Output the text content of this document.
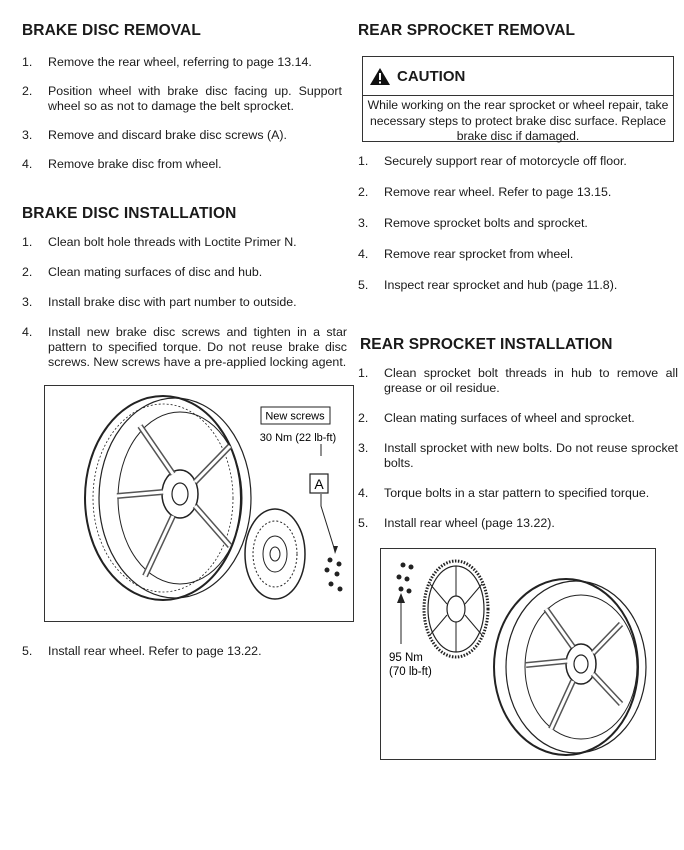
BRAKE DISC REMOVAL
1. Remove the rear wheel, referring to page 13.14.
2. Position wheel with brake disc facing up. Support wheel so as not to damage the belt sprocket.
3. Remove and discard brake disc screws (A).
4. Remove brake disc from wheel.
BRAKE DISC INSTALLATION
1. Clean bolt hole threads with Loctite Primer N.
2. Clean mating surfaces of disc and hub.
3. Install brake disc with part number to outside.
4. Install new brake disc screws and tighten in a star pattern to specified torque. Do not reuse brake disc screws. New screws have a pre-applied locking agent.
New screws
30 Nm (22 lb-ft)
A
5. Install rear wheel. Refer to page 13.22.
REAR SPROCKET REMOVAL
CAUTION
While working on the rear sprocket or wheel repair, take necessary steps to protect brake disc surface. Replace brake disc if damaged.
1. Securely support rear of motorcycle off floor.
2. Remove rear wheel. Refer to page 13.15.
3. Remove sprocket bolts and sprocket.
4. Remove rear sprocket from wheel.
5. Inspect rear sprocket and hub (page 11.8).
REAR SPROCKET INSTALLATION
1. Clean sprocket bolt threads in hub to remove all grease or oil residue.
2. Clean mating surfaces of wheel and sprocket.
3. Install sprocket with new bolts. Do not reuse sprocket bolts.
4. Torque bolts in a star pattern to specified torque.
5. Install rear wheel (page 13.22).
95 Nm
(70 lb-ft)
